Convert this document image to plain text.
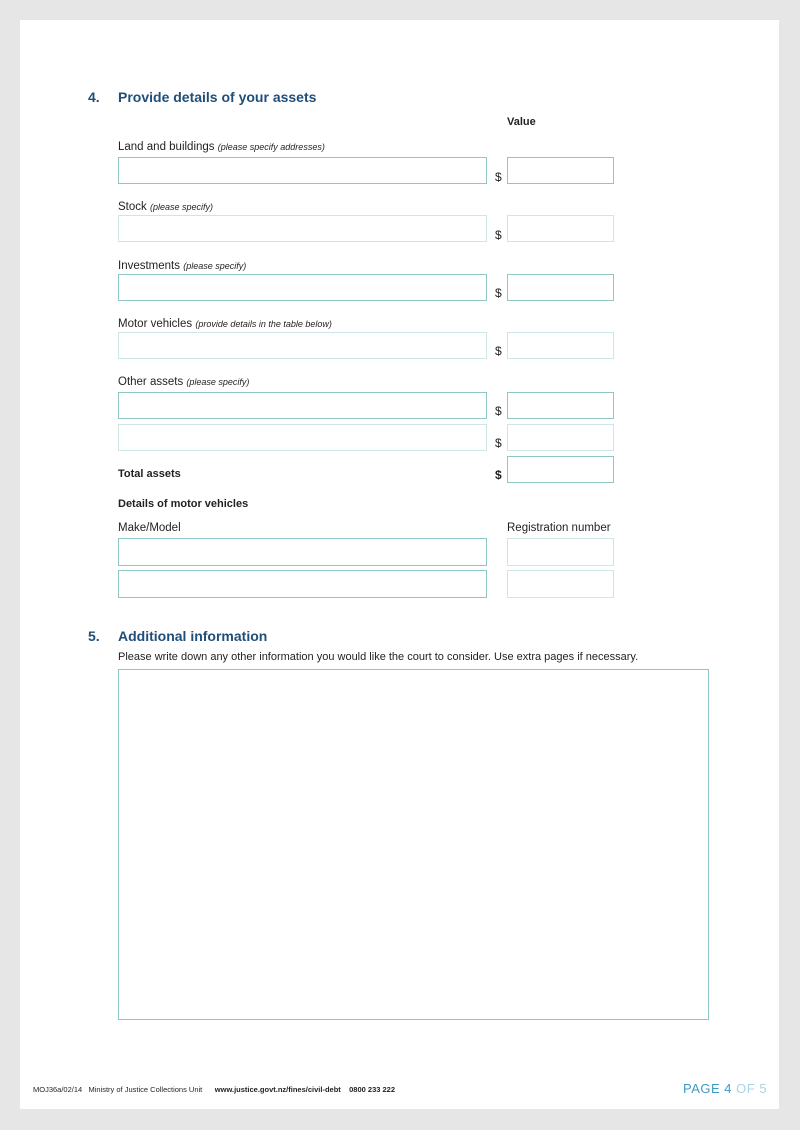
4. Provide details of your assets
Value
Land and buildings (please specify addresses)
$
Stock (please specify)
$
Investments (please specify)
$
Motor vehicles (provide details in the table below)
$
Other assets (please specify)
$
$
Total assets	$
Details of motor vehicles
Make/Model	Registration number
5. Additional information
Please write down any other information you would like the court to consider. Use extra pages if necessary.
MOJ36a/02/14 Ministry of Justice Collections Unit www.justice.govt.nz/fines/civil-debt 0800 233 222	PAGE 4 OF 5
